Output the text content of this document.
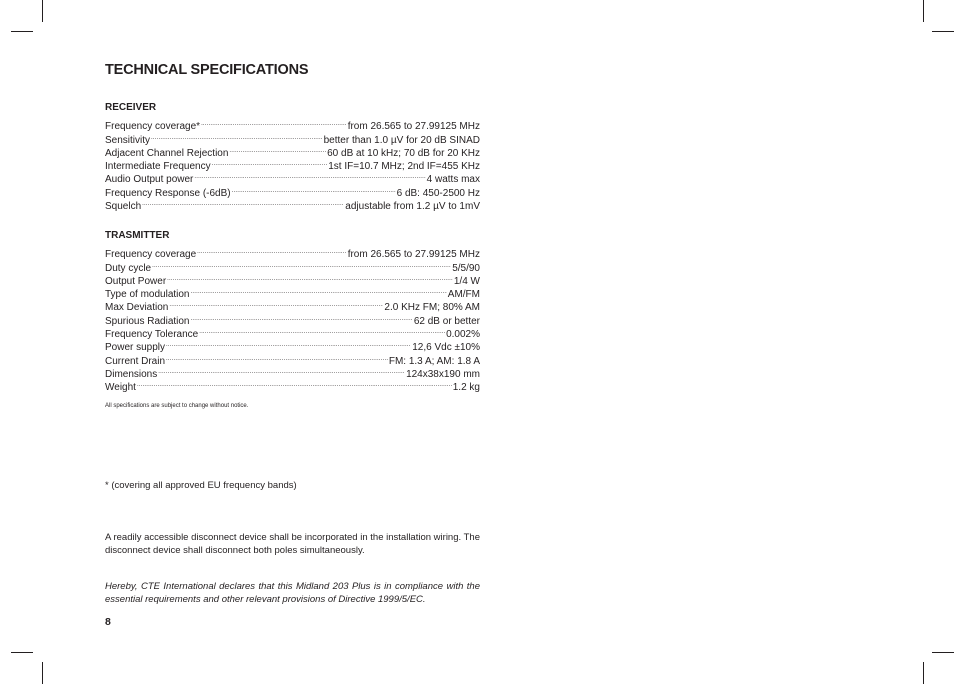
TECHNICAL SPECIFICATIONS
RECEIVER
Frequency coverage* .....	from 26.565 to 27.99125 MHz
Sensitivity .....	better than 1.0 µV for 20 dB SINAD
Adjacent Channel Rejection .....	60 dB at 10 kHz; 70 dB for 20 KHz
Intermediate Frequency .....	1st IF=10.7 MHz; 2nd IF=455 KHz
Audio Output power .....	4 watts max
Frequency Response (-6dB) .....	6 dB: 450-2500 Hz
Squelch .....	adjustable from 1.2 µV to 1mV
TRASMITTER
Frequency coverage .....	from 26.565 to 27.99125 MHz
Duty cycle .....	5/5/90
Output Power .....	1/4 W
Type of modulation .....	AM/FM
Max Deviation .....	2.0 KHz FM; 80% AM
Spurious Radiation .....	62 dB or better
Frequency Tolerance .....	0.002%
Power supply .....	12,6 Vdc ±10%
Current Drain .....	FM: 1.3 A; AM: 1.8 A
Dimensions .....	124x38x190 mm
Weight .....	1.2 kg
All specifications are subject to change without notice.
* (covering all approved EU frequency bands)

A readily accessible disconnect device shall be incorporated in the installation wiring. The disconnect device shall disconnect both poles simultaneously.

Hereby, CTE International declares that this Midland 203 Plus is in compliance with the essential requirements and other relevant provisions of Directive 1999/5/EC.

8
